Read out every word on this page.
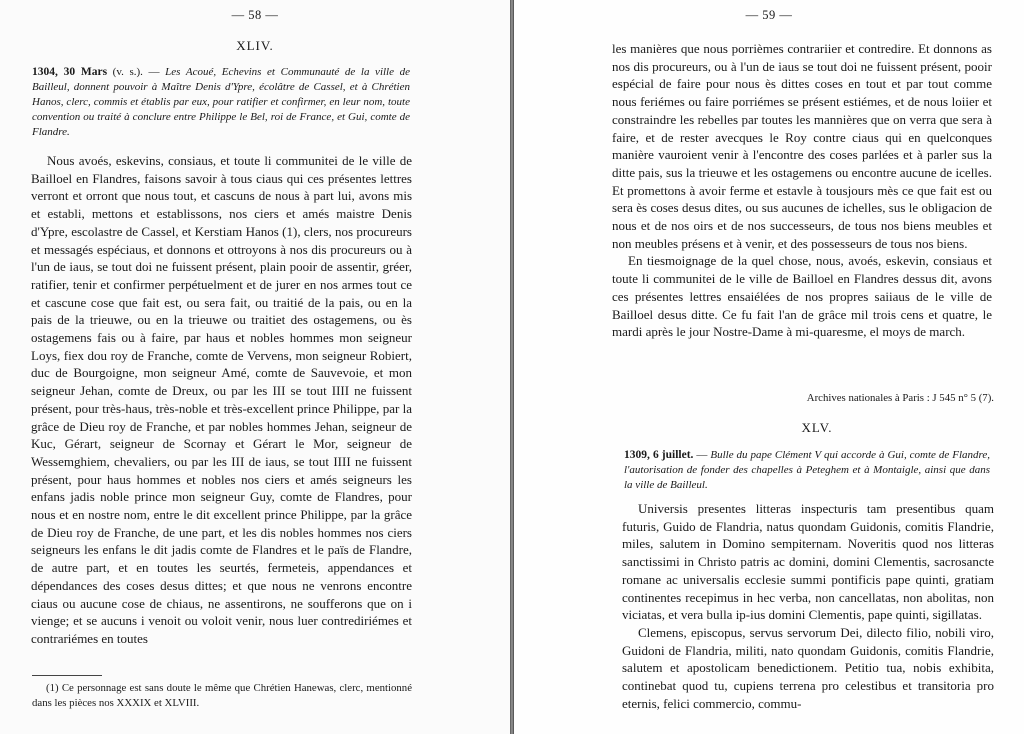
— 58 —
XLIV.
1304, 30 Mars (v. s.). — Les Acoué, Echevins et Communauté de la ville de Bailleul, donnent pouvoir à Maître Denis d'Ypre, écolâtre de Cassel, et à Chrétien Hanos, clerc, commis et établis par eux, pour ratifier et confirmer, en leur nom, toute convention ou traité à conclure entre Philippe le Bel, roi de France, et Gui, comte de Flandre.

Nous avoés, eskevins, consiaus, et toute li communitei de le ville de Bailloel en Flandres, faisons savoir à tous ciaus qui ces présentes lettres verront et orront que nous tout, et cascuns de nous à part lui, avons mis et establi, mettons et establissons, nos ciers et amés maistre Denis d'Ypre, escolastre de Cassel, et Kerstiam Hanos (1), clers, nos procureurs et messagés espéciaus, et donnons et ottroyons à nos dis procureurs ou à l'un de iaus, se tout doi ne fuissent présent, plain pooir de assentir, gréer, ratifier, tenir et confirmer perpétuelment et de jurer en nos armes tout ce et cascune cose que fait est, ou sera fait, ou traitié de la pais, ou en la pais de la trieuwe, ou en la trieuwe ou traitiet des ostagemens, ou ès ostagemens fais ou à faire, par haus et nobles hommes mon seigneur Loys, fiex dou roy de Franche, comte de Vervens, mon seigneur Robiert, duc de Bourgoigne, mon seigneur Amé, comte de Sauvevoie, et mon seigneur Jehan, comte de Dreux, ou par les III se tout IIII ne fuissent présent, pour très-haus, très-noble et très-excellent prince Philippe, par la grâce de Dieu roy de Franche, et par nobles hommes Jehan, seigneur de Kuc, Gérart, seigneur de Scornay et Gérart le Mor, seigneur de Wessemghiem, chevaliers, ou par les III de iaus, se tout IIII ne fuissent présent, pour haus hommes et nobles nos ciers et amés seigneurs les enfans jadis noble prince mon seigneur Guy, comte de Flandres, pour nous et en nostre nom, entre le dit excellent prince Philippe, par la grâce de Dieu roy de Franche, de une part, et les dis nobles hommes nos ciers seigneurs les enfans le dit jadis comte de Flandres et le païs de Flandre, de autre part, et en toutes les seurtés, fermeteis, appendances et dépendances des coses desus dittes; et que nous ne venrons encontre ciaus ou aucune cose de chiaus, ne assentirons, ne soufferons que on i vienge; et se aucuns i venoit ou voloit venir, nous luer contrediriémes et contrariémes en toutes

(1) Ce personnage est sans doute le même que Chrétien Hanewas, clerc, mentionné dans les pièces nos XXXIX et XLVIII.
— 59 —

les manières que nous porrièmes contrariier et contredire. Et donnons as nos dis procureurs, ou à l'un de iaus se tout doi ne fuissent présent, pooir espécial de faire pour nous ès dittes coses en tout et par tout comme nous feriémes ou faire porriémes se présent estiémes, et de nous loiier et constraindre les rebelles par toutes les mannières que on verra que sera à faire, et de rester avecques le Roy contre ciaus qui en quelconques manière vauroient venir à l'encontre des coses parlées et à parler sus la ditte pais, sus la trieuwe et les ostagemens ou encontre aucune de icelles. Et promettons à avoir ferme et estavle à tousjours mès ce que fait est ou sera ès coses desus dites, ou sus aucunes de ichelles, sus le obligacion de nous et de nos oirs et de nos successeurs, de tous nos biens meubles et non meubles présens et à venir, et des possesseurs de tous nos biens.

En tiesmoignage de la quel chose, nous, avoés, eskevin, consiaus et toute li communitei de le ville de Bailloel en Flandres dessus dit, avons ces présentes lettres ensaiélées de nos propres saiiaus de le ville de Bailloel desus ditte. Ce fu fait l'an de grâce mil trois cens et quatre, le mardi après le jour Nostre-Dame à mi-quaresme, el moys de march.

Archives nationales à Paris : J 545 n° 5 (7).
XLV.
1309, 6 juillet. — Bulle du pape Clément V qui accorde à Gui, comte de Flandre, l'autorisation de fonder des chapelles à Peteghem et à Montaigle, ainsi que dans la ville de Bailleul.

Universis presentes litteras inspecturis tam presentibus quam futuris, Guido de Flandria, natus quondam Guidonis, comitis Flandrie, miles, salutem in Domino sempiternam. Noveritis quod nos litteras sanctissimi in Christo patris ac domini, domini Clementis, sacrosancte romane ac universalis ecclesie summi pontificis pape quinti, gratiam continentes recepimus in hec verba, non cancellatas, non abolitas, non viciatas, et vera bulla ip-ius domini Clementis, pape quinti, sigillatas.

Clemens, episcopus, servus servorum Dei, dilecto filio, nobili viro, Guidoni de Flandria, militi, nato quondam Guidonis, comitis Flandrie, salutem et apostolicam benedictionem. Petitio tua, nobis exhibita, continebat quod tu, cupiens terrena pro celestibus et transitoria pro eternis, felici commercio, commu-
